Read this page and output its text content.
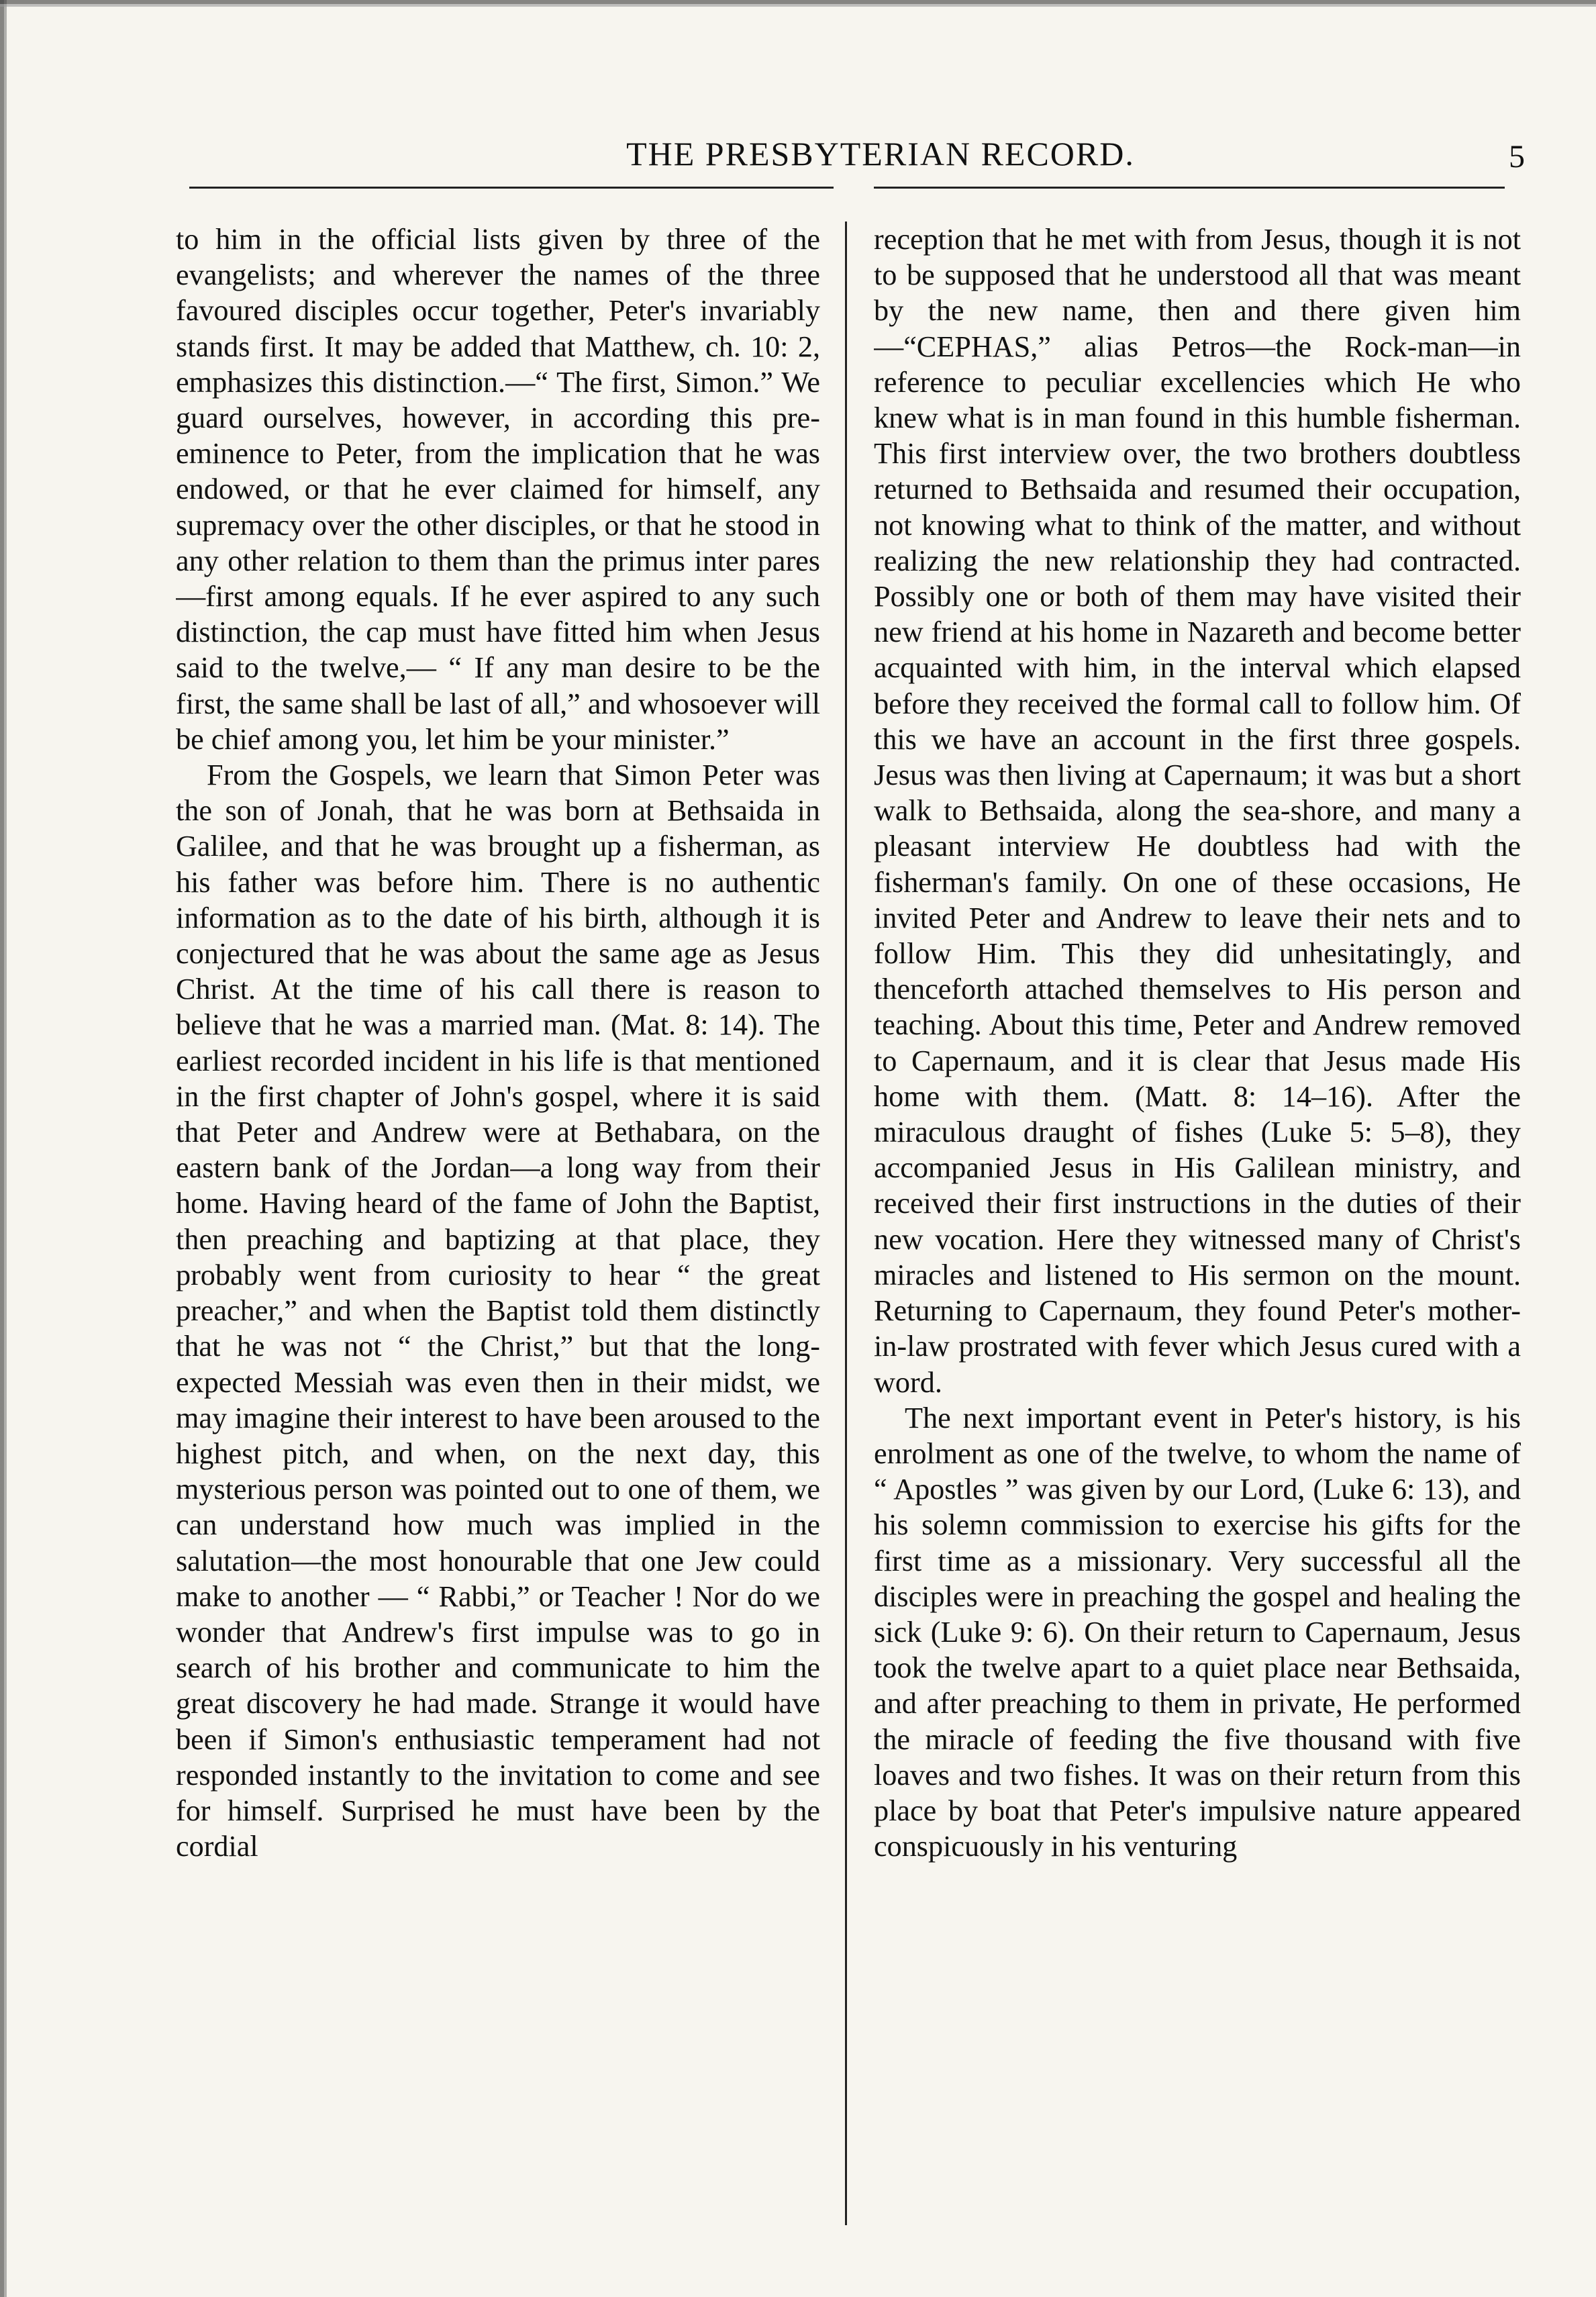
THE PRESBYTERIAN RECORD.	5

to him in the official lists given by three of the evangelists; and wherever the names of the three favoured disciples occur together, Peter's invariably stands first. It may be added that Matthew, ch. 10: 2, emphasizes this distinction.—“ The first, Simon.” We guard ourselves, however, in according this pre-eminence to Peter, from the implication that he was endowed, or that he ever claimed for himself, any supremacy over the other disciples, or that he stood in any other relation to them than the primus inter pares—first among equals. If he ever aspired to any such distinction, the cap must have fitted him when Jesus said to the twelve,— “ If any man desire to be the first, the same shall be last of all,” and whosoever will be chief among you, let him be your minister.”

From the Gospels, we learn that Simon Peter was the son of Jonah, that he was born at Bethsaida in Galilee, and that he was brought up a fisherman, as his father was before him. There is no authentic information as to the date of his birth, although it is conjectured that he was about the same age as Jesus Christ. At the time of his call there is reason to believe that he was a married man. (Mat. 8: 14). The earliest recorded incident in his life is that mentioned in the first chapter of John's gospel, where it is said that Peter and Andrew were at Bethabara, on the eastern bank of the Jordan—a long way from their home. Having heard of the fame of John the Baptist, then preaching and baptizing at that place, they probably went from curiosity to hear “ the great preacher,” and when the Baptist told them distinctly that he was not “ the Christ,” but that the long-expected Messiah was even then in their midst, we may imagine their interest to have been aroused to the highest pitch, and when, on the next day, this mysterious person was pointed out to one of them, we can understand how much was implied in the salutation—the most honourable that one Jew could make to another — “ Rabbi,” or Teacher ! Nor do we wonder that Andrew's first impulse was to go in search of his brother and communicate to him the great discovery he had made. Strange it would have been if Simon's enthusiastic temperament had not responded instantly to the invitation to come and see for himself. Surprised he must have been by the cordial

reception that he met with from Jesus, though it is not to be supposed that he understood all that was meant by the new name, then and there given him—“CEPHAS,” alias Petros—the Rock-man—in reference to peculiar excellencies which He who knew what is in man found in this humble fisherman. This first interview over, the two brothers doubtless returned to Bethsaida and resumed their occupation, not knowing what to think of the matter, and without realizing the new relationship they had contracted. Possibly one or both of them may have visited their new friend at his home in Nazareth and become better acquainted with him, in the interval which elapsed before they received the formal call to follow him. Of this we have an account in the first three gospels. Jesus was then living at Capernaum; it was but a short walk to Bethsaida, along the sea-shore, and many a pleasant interview He doubtless had with the fisherman's family. On one of these occasions, He invited Peter and Andrew to leave their nets and to follow Him. This they did unhesitatingly, and thenceforth attached themselves to His person and teaching. About this time, Peter and Andrew removed to Capernaum, and it is clear that Jesus made His home with them. (Matt. 8: 14–16). After the miraculous draught of fishes (Luke 5: 5–8), they accompanied Jesus in His Galilean ministry, and received their first instructions in the duties of their new vocation. Here they witnessed many of Christ's miracles and listened to His sermon on the mount. Returning to Capernaum, they found Peter's mother-in-law prostrated with fever which Jesus cured with a word.

The next important event in Peter's history, is his enrolment as one of the twelve, to whom the name of “ Apostles ” was given by our Lord, (Luke 6: 13), and his solemn commission to exercise his gifts for the first time as a missionary. Very successful all the disciples were in preaching the gospel and healing the sick (Luke 9: 6). On their return to Capernaum, Jesus took the twelve apart to a quiet place near Bethsaida, and after preaching to them in private, He performed the miracle of feeding the five thousand with five loaves and two fishes. It was on their return from this place by boat that Peter's impulsive nature appeared conspicuously in his venturing
